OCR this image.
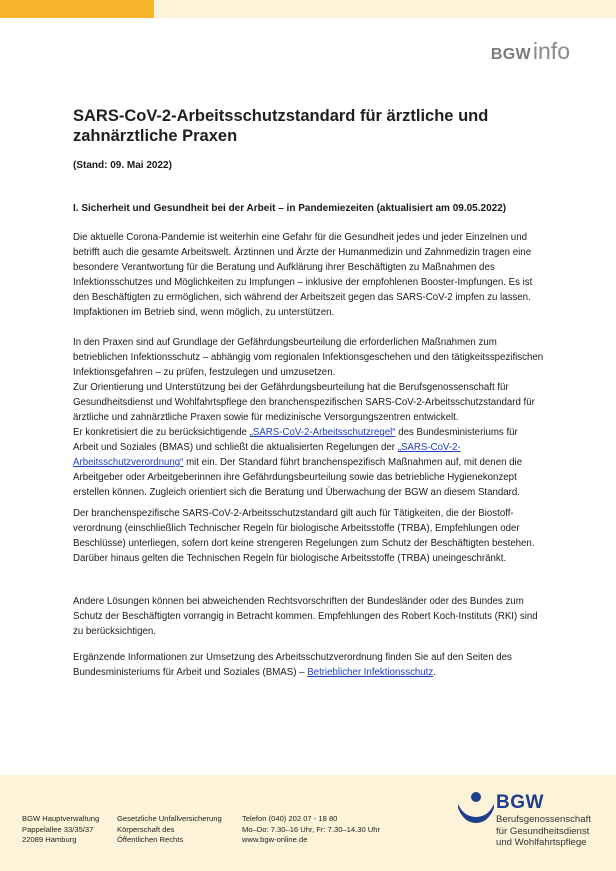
BGWinfo
SARS-CoV-2-Arbeitsschutzstandard für ärztliche und zahnärztliche Praxen
(Stand: 09. Mai 2022)
I. Sicherheit und Gesundheit bei der Arbeit – in Pandemiezeiten (aktualisiert am 09.05.2022)

Die aktuelle Corona-Pandemie ist weiterhin eine Gefahr für die Gesundheit jedes und jeder Einzelnen und betrifft auch die gesamte Arbeitswelt. Ärztinnen und Ärzte der Humanmedizin und Zahnmedizin tragen eine besondere Verantwortung für die Beratung und Aufklärung ihrer Beschäftigten zu Maßnahmen des Infektionsschutzes und Möglichkeiten zu Impfungen – inklusive der empfohlenen Booster-Impfungen. Es ist den Beschäftigten zu ermöglichen, sich während der Arbeitszeit gegen das SARS-CoV-2 impfen zu lassen. Impfaktionen im Betrieb sind, wenn möglich, zu unterstützen.

In den Praxen sind auf Grundlage der Gefährdungsbeurteilung die erforderlichen Maßnahmen zum betrieblichen Infektionsschutz – abhängig vom regionalen Infektionsgeschehen und den tätigkeitsspezifischen Infektionsgefahren – zu prüfen, festzulegen und umzusetzen.
Zur Orientierung und Unterstützung bei der Gefährdungsbeurteilung hat die Berufsgenossenschaft für Gesundheitsdienst und Wohlfahrtspflege den branchenspezifischen SARS-CoV-2-Arbeitsschutzstandard für ärztliche und zahnärztliche Praxen sowie für medizinische Versorgungszentren entwickelt.
Er konkretisiert die zu berücksichtigende „SARS-CoV-2-Arbeitsschutzregel“ des Bundesministeriums für Arbeit und Soziales (BMAS) und schließt die aktualisierten Regelungen der „SARS-CoV-2-Arbeitsschutzverordnung“ mit ein. Der Standard führt branchenspezifisch Maßnahmen auf, mit denen die Arbeitgeber oder Arbeitgeberinnen ihre Gefährdungsbeurteilung sowie das betriebliche Hygienekonzept erstellen können. Zugleich orientiert sich die Beratung und Überwachung der BGW an diesem Standard.

Der branchenspezifische SARS-CoV-2-Arbeitsschutzstandard gilt auch für Tätigkeiten, die der Biostoff-verordnung (einschließlich Technischer Regeln für biologische Arbeitsstoffe (TRBA), Empfehlungen oder Beschlüsse) unterliegen, sofern dort keine strengeren Regelungen zum Schutz der Beschäftigten bestehen. Darüber hinaus gelten die Technischen Regeln für biologische Arbeitsstoffe (TRBA) uneingeschränkt.

Andere Lösungen können bei abweichenden Rechtsvorschriften der Bundesländer oder des Bundes zum Schutz der Beschäftigten vorrangig in Betracht kommen. Empfehlungen des Robert Koch-Instituts (RKI) sind zu berücksichtigen.

Ergänzende Informationen zur Umsetzung des Arbeitsschutzverordnung finden Sie auf den Seiten des Bundesministeriums für Arbeit und Soziales (BMAS) – Betrieblicher Infektionsschutz.

BGW Hauptverwaltung
Pappelallee 33/35/37
22089 Hamburg
Gesetzliche Unfallversicherung
Körperschaft des
Öffentlichen Rechts
Telefon (040) 202 07 - 18 80
Mo–Do: 7.30–16 Uhr, Fr: 7.30–14.30 Uhr
www.bgw-online.de
BGW
Berufsgenossenschaft
für Gesundheitsdienst
und Wohlfahrtspflege
